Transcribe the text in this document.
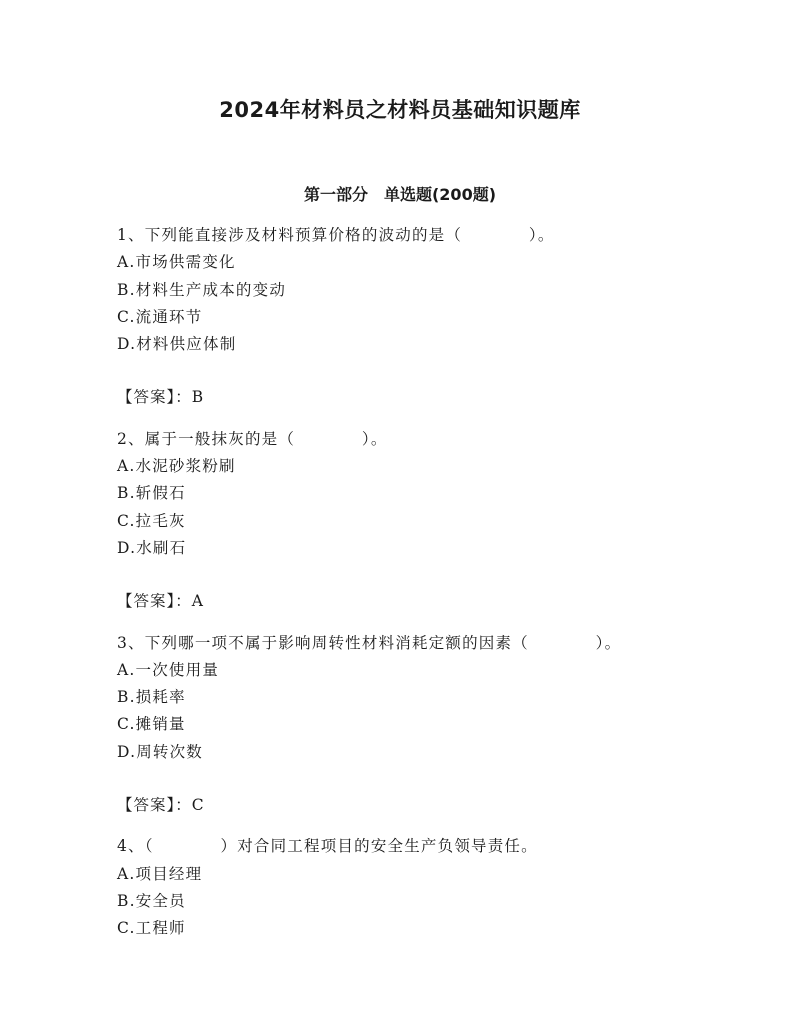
2024年材料员之材料员基础知识题库
第一部分　单选题(200题)
1、下列能直接涉及材料预算价格的波动的是（　　　　）。
A.市场供需变化
B.材料生产成本的变动
C.流通环节
D.材料供应体制
【答案】：B
2、属于一般抹灰的是（　　　　）。
A.水泥砂浆粉刷
B.斩假石
C.拉毛灰
D.水刷石
【答案】：A
3、下列哪一项不属于影响周转性材料消耗定额的因素（　　　　）。
A.一次使用量
B.损耗率
C.摊销量
D.周转次数
【答案】：C
4、（　　　　）对合同工程项目的安全生产负领导责任。
A.项目经理
B.安全员
C.工程师
